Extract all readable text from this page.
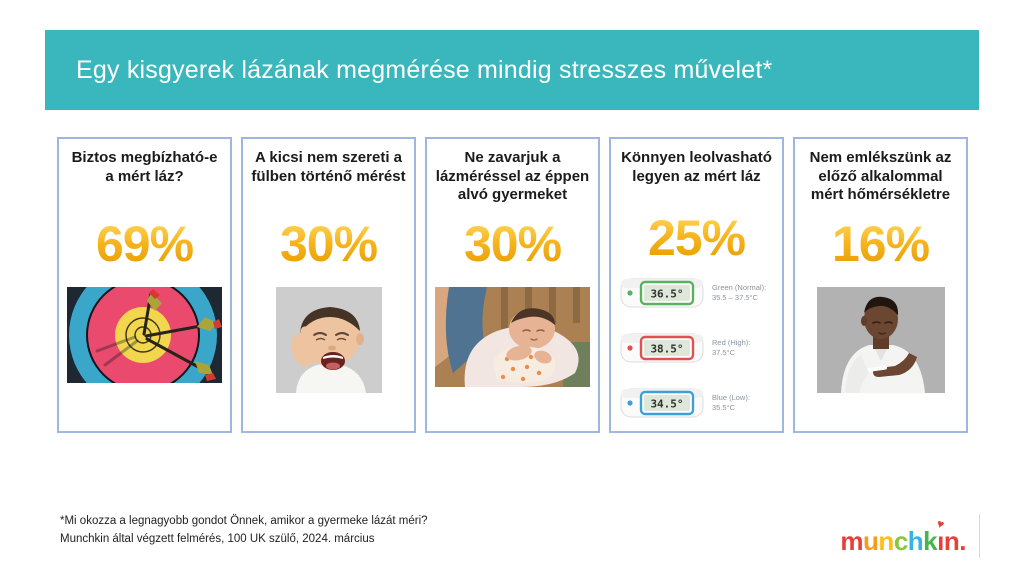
Egy kisgyerek lázának megmérése mindig stresszes művelet*
Biztos megbízható-e a mért láz?
69%
A kicsi nem szereti a fülben történő mérést
30%
Ne zavarjuk a lázméréssel az éppen alvó gyermeket
30%
Könnyen leolvasható legyen az mért láz
25%
36.5°
Green (Normal):
35.5 – 37.5°C
38.5°
Red (High):
37.5°C
34.5°
Blue (Low):
35.5°C
Nem emlékszünk az előző alkalommal mért hőmérsékletre
16%
*Mi okozza a legnagyobb gondot Önnek, amikor a gyermeke lázát méri?
Munchkin által végzett felmérés, 100 UK szülő, 2024. március	munchkı
♥
n.
